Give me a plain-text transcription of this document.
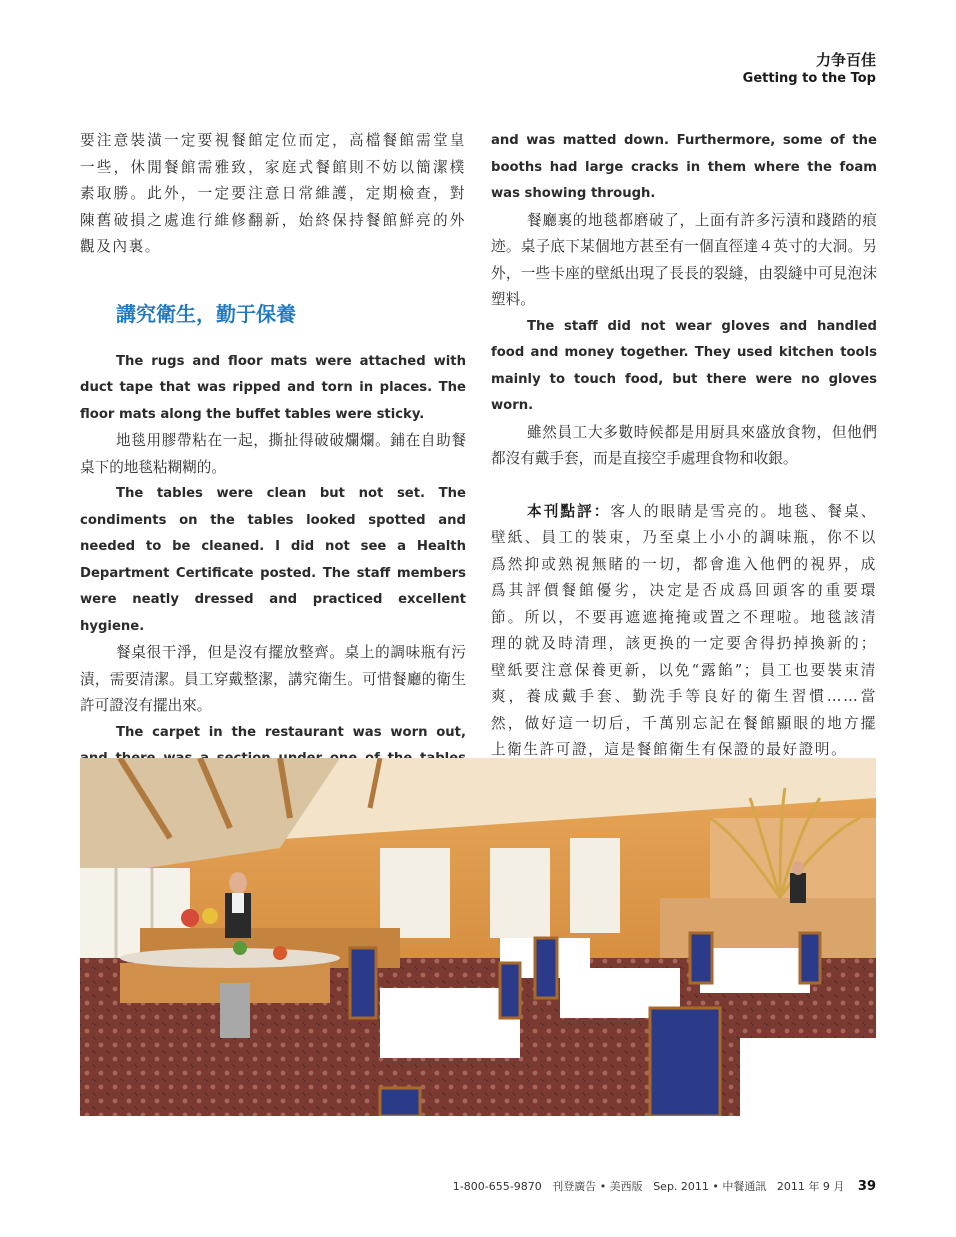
力争百佳
Getting to the Top

要注意裝潢一定要視餐館定位而定，高檔餐館需堂皇一些，休閒餐館需雅致，家庭式餐館則不妨以簡潔樸素取勝。此外，一定要注意日常維護，定期檢查，對陳舊破損之處進行維修翻新，始終保持餐館鮮亮的外觀及內裏。

講究衛生，勤于保養

The rugs and floor mats were attached with duct tape that was ripped and torn in places. The floor mats along the buffet tables were sticky.

地毯用膠帶粘在一起，撕扯得破破爛爛。鋪在自助餐桌下的地毯粘糊糊的。

The tables were clean but not set. The condiments on the tables looked spotted and needed to be cleaned. I did not see a Health Department Certificate posted. The staff members were neatly dressed and practiced excellent hygiene.

餐桌很干淨，但是沒有擺放整齊。桌上的調味瓶有污漬，需要清潔。員工穿戴整潔，講究衛生。可惜餐廳的衛生許可證沒有擺出來。

The carpet in the restaurant was worn out,

and was matted down. Furthermore, some of the booths had large cracks in them where the foam was showing through.

餐廳裏的地毯都磨破了，上面有許多污漬和踐踏的痕迹。桌子底下某個地方甚至有一個直徑達４英寸的大洞。另外，一些卡座的壁紙出現了長長的裂縫，由裂縫中可見泡沫塑料。

The staff did not wear gloves and handled food and money together. They used kitchen tools mainly to touch food, but there were no gloves worn.

雖然員工大多數時候都是用厨具來盛放食物，但他們都沒有戴手套，而是直接空手處理食物和收銀。

本刊點評：客人的眼睛是雪亮的。地毯、餐桌、壁紙、員工的裝束，乃至桌上小小的調味瓶，你不以爲然抑或熟視無睹的一切，都會進入他們的視界，成爲其評價餐館優劣，决定是否成爲回頭客的重要環節。所以，不要再遮遮掩掩或置之不理啦。地毯該清理的就及時清理，該更换的一定要舍得扔掉換新的；壁紙要注意保養更新，以免“露餡”；員工也要裝束清爽，養成戴手套、勤洗手等良好的衛生習慣……當然，做好這一切后，千萬别忘記在餐館顯眼的地方擺上衛生許可證，這是餐館衛生有保證的最好證明。

1-800-655-9870 刊登廣告 • 美西版 Sep. 2011 • 中餐通訊 2011 年 9 月 39
